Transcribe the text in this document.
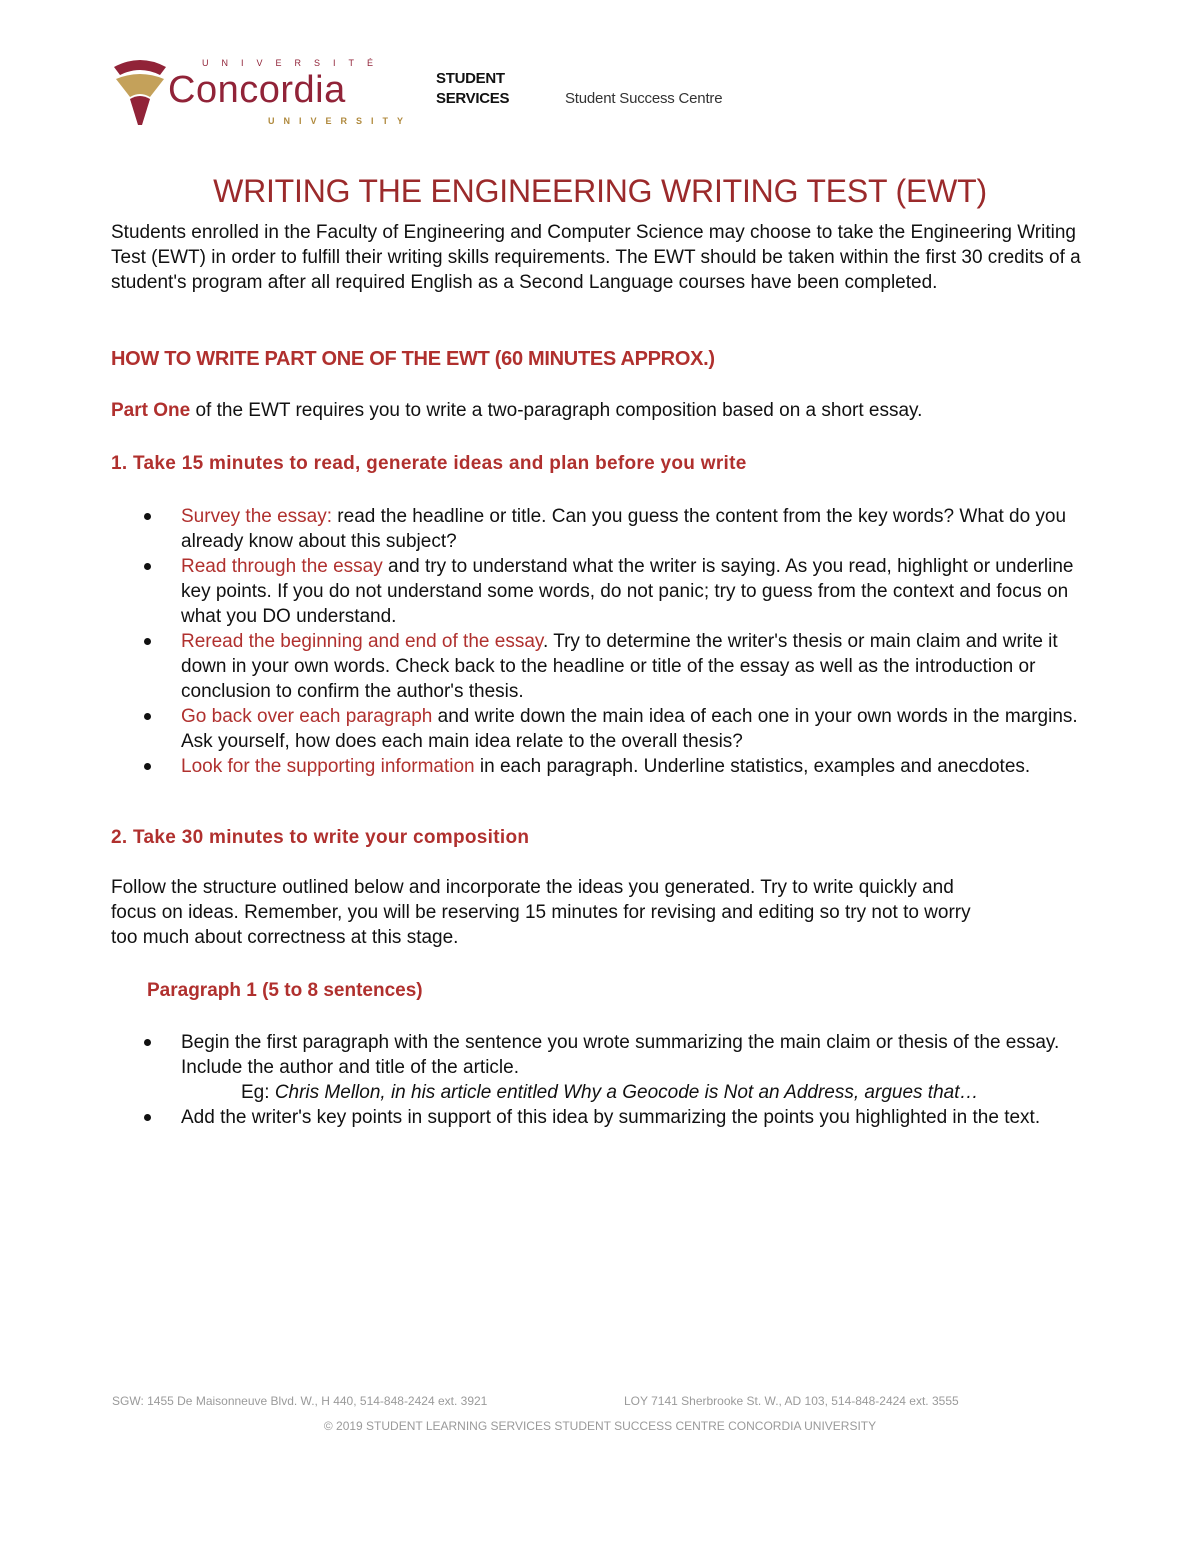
UNIVERSITÉ
Concordia
UNIVERSITY
STUDENT
SERVICES	Student Success Centre
WRITING THE ENGINEERING WRITING TEST (EWT)

Students enrolled in the Faculty of Engineering and Computer Science may choose to take the Engineering Writing Test (EWT) in order to fulfill their writing skills requirements. The EWT should be taken within the first 30 credits of a student's program after all required English as a Second Language courses have been completed.

HOW TO WRITE PART ONE OF THE EWT (60 MINUTES APPROX.)

Part One of the EWT requires you to write a two-paragraph composition based on a short essay.

1. Take 15 minutes to read, generate ideas and plan before you write
Survey the essay: read the headline or title. Can you guess the content from the key words? What do you already know about this subject?
Read through the essay and try to understand what the writer is saying. As you read, highlight or underline key points. If you do not understand some words, do not panic; try to guess from the context and focus on what you DO understand.
Reread the beginning and end of the essay. Try to determine the writer's thesis or main claim and write it down in your own words. Check back to the headline or title of the essay as well as the introduction or conclusion to confirm the author's thesis.
Go back over each paragraph and write down the main idea of each one in your own words in the margins. Ask yourself, how does each main idea relate to the overall thesis?
Look for the supporting information in each paragraph. Underline statistics, examples and anecdotes.
2. Take 30 minutes to write your composition

Follow the structure outlined below and incorporate the ideas you generated. Try to write quickly and focus on ideas. Remember, you will be reserving 15 minutes for revising and editing so try not to worry too much about correctness at this stage.

Paragraph 1 (5 to 8 sentences)
Begin the first paragraph with the sentence you wrote summarizing the main claim or thesis of the essay. Include the author and title of the article.
Eg: Chris Mellon, in his article entitled Why a Geocode is Not an Address, argues that…
Add the writer's key points in support of this idea by summarizing the points you highlighted in the text.
SGW: 1455 De Maisonneuve Blvd. W., H 440, 514-848-2424 ext. 3921	LOY 7141 Sherbrooke St. W., AD 103, 514-848-2424 ext. 3555
© 2019 STUDENT LEARNING SERVICES STUDENT SUCCESS CENTRE CONCORDIA UNIVERSITY
